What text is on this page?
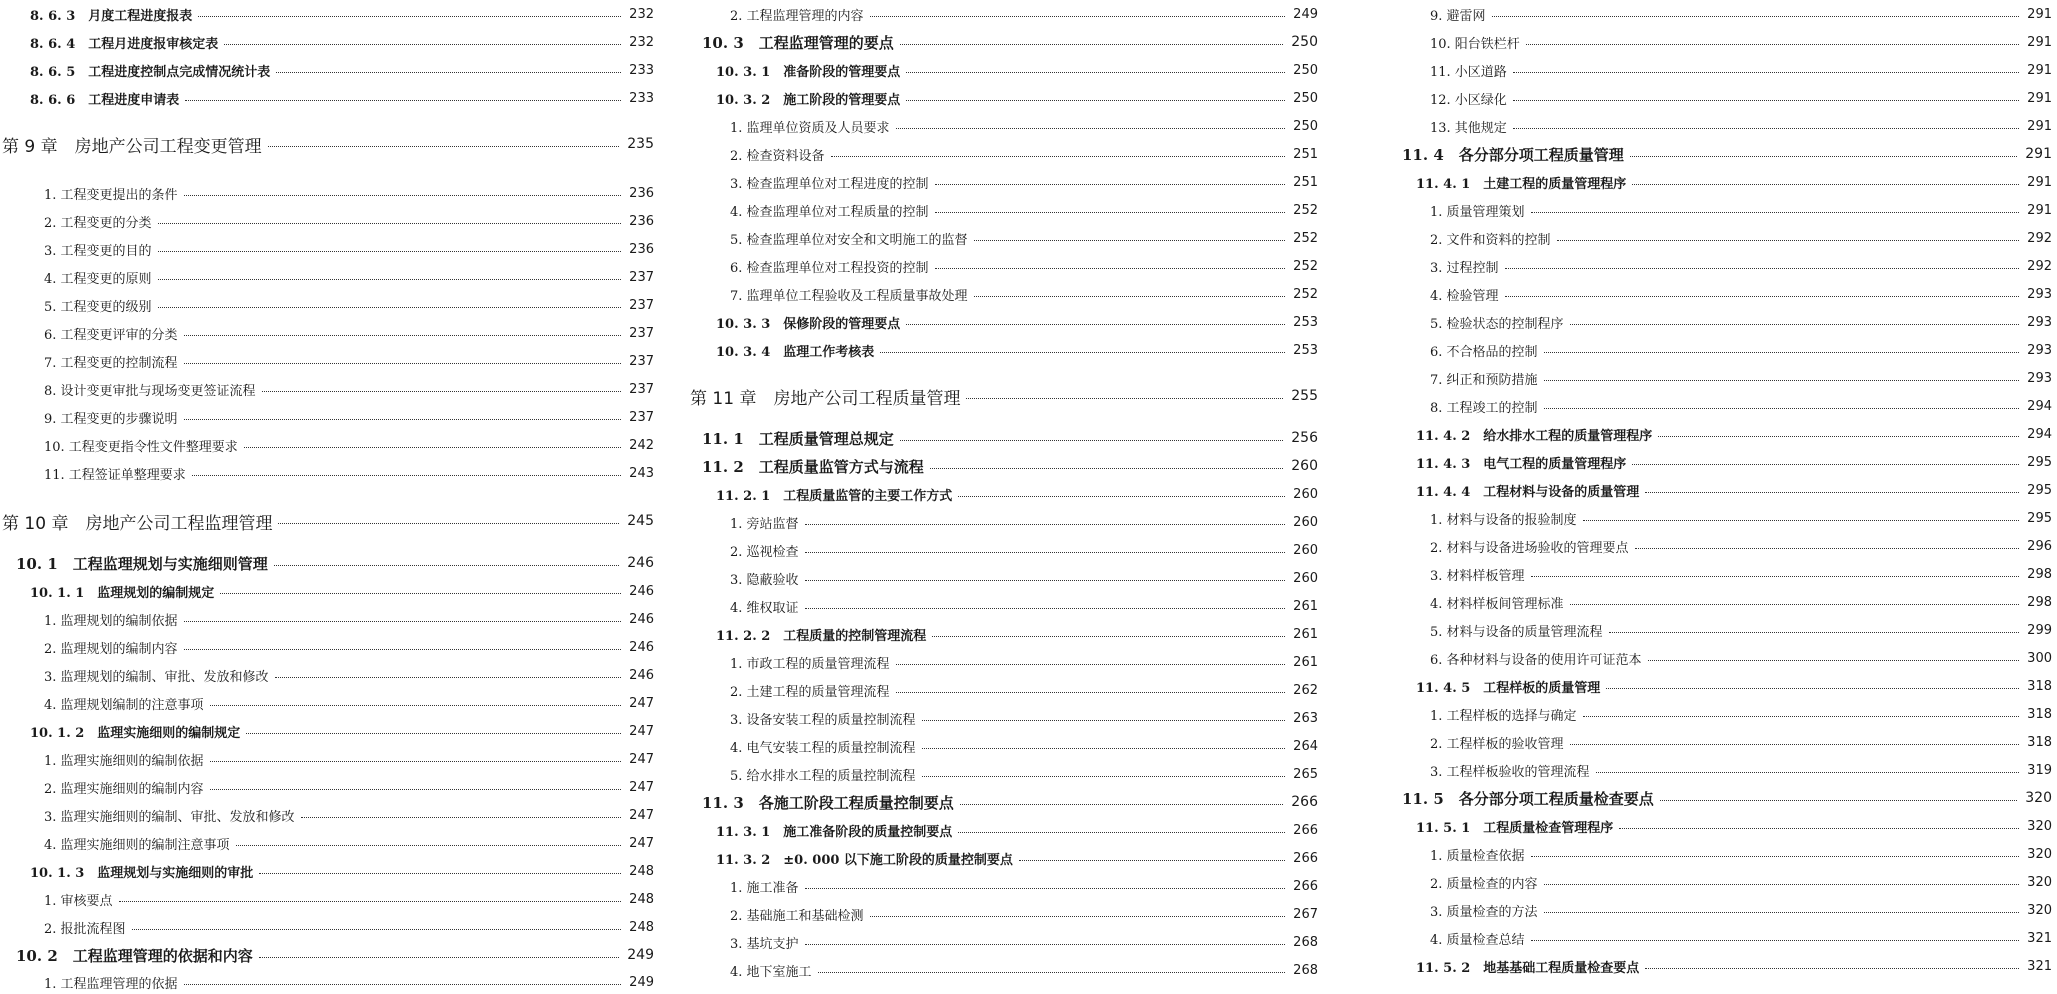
8. 6. 3　月度工程进度报表	232
8. 6. 4　工程月进度报审核定表	232
8. 6. 5　工程进度控制点完成情况统计表	233
8. 6. 6　工程进度申请表	233
第 9 章　房地产公司工程变更管理	235
1. 工程变更提出的条件	236
2. 工程变更的分类	236
3. 工程变更的目的	236
4. 工程变更的原则	237
5. 工程变更的级别	237
6. 工程变更评审的分类	237
7. 工程变更的控制流程	237
8. 设计变更审批与现场变更签证流程	237
9. 工程变更的步骤说明	237
10. 工程变更指令性文件整理要求	242
11. 工程签证单整理要求	243
第 10 章　房地产公司工程监理管理	245
10. 1　工程监理规划与实施细则管理	246
10. 1. 1　监理规划的编制规定	246
1. 监理规划的编制依据	246
2. 监理规划的编制内容	246
3. 监理规划的编制、审批、发放和修改	246
4. 监理规划编制的注意事项	247
10. 1. 2　监理实施细则的编制规定	247
1. 监理实施细则的编制依据	247
2. 监理实施细则的编制内容	247
3. 监理实施细则的编制、审批、发放和修改	247
4. 监理实施细则的编制注意事项	247
10. 1. 3　监理规划与实施细则的审批	248
1. 审核要点	248
2. 报批流程图	248
10. 2　工程监理管理的依据和内容	249
1. 工程监理管理的依据	249
2. 工程监理管理的内容	249
10. 3　工程监理管理的要点	250
10. 3. 1　准备阶段的管理要点	250
10. 3. 2　施工阶段的管理要点	250
1. 监理单位资质及人员要求	250
2. 检查资料设备	251
3. 检查监理单位对工程进度的控制	251
4. 检查监理单位对工程质量的控制	252
5. 检查监理单位对安全和文明施工的监督	252
6. 检查监理单位对工程投资的控制	252
7. 监理单位工程验收及工程质量事故处理	252
10. 3. 3　保修阶段的管理要点	253
10. 3. 4　监理工作考核表	253
第 11 章　房地产公司工程质量管理	255
11. 1　工程质量管理总规定	256
11. 2　工程质量监管方式与流程	260
11. 2. 1　工程质量监管的主要工作方式	260
1. 旁站监督	260
2. 巡视检查	260
3. 隐蔽验收	260
4. 维权取证	261
11. 2. 2　工程质量的控制管理流程	261
1. 市政工程的质量管理流程	261
2. 土建工程的质量管理流程	262
3. 设备安装工程的质量控制流程	263
4. 电气安装工程的质量控制流程	264
5. 给水排水工程的质量控制流程	265
11. 3　各施工阶段工程质量控制要点	266
11. 3. 1　施工准备阶段的质量控制要点	266
11. 3. 2　±0. 000 以下施工阶段的质量控制要点	266
1. 施工准备	266
2. 基础施工和基础检测	267
3. 基坑支护	268
4. 地下室施工	268
9. 避雷网	291
10. 阳台铁栏杆	291
11. 小区道路	291
12. 小区绿化	291
13. 其他规定	291
11. 4　各分部分项工程质量管理	291
11. 4. 1　土建工程的质量管理程序	291
1. 质量管理策划	291
2. 文件和资料的控制	292
3. 过程控制	292
4. 检验管理	293
5. 检验状态的控制程序	293
6. 不合格品的控制	293
7. 纠正和预防措施	293
8. 工程竣工的控制	294
11. 4. 2　给水排水工程的质量管理程序	294
11. 4. 3　电气工程的质量管理程序	295
11. 4. 4　工程材料与设备的质量管理	295
1. 材料与设备的报验制度	295
2. 材料与设备进场验收的管理要点	296
3. 材料样板管理	298
4. 材料样板间管理标准	298
5. 材料与设备的质量管理流程	299
6. 各种材料与设备的使用许可证范本	300
11. 4. 5　工程样板的质量管理	318
1. 工程样板的选择与确定	318
2. 工程样板的验收管理	318
3. 工程样板验收的管理流程	319
11. 5　各分部分项工程质量检查要点	320
11. 5. 1　工程质量检查管理程序	320
1. 质量检查依据	320
2. 质量检查的内容	320
3. 质量检查的方法	320
4. 质量检查总结	321
11. 5. 2　地基基础工程质量检查要点	321
